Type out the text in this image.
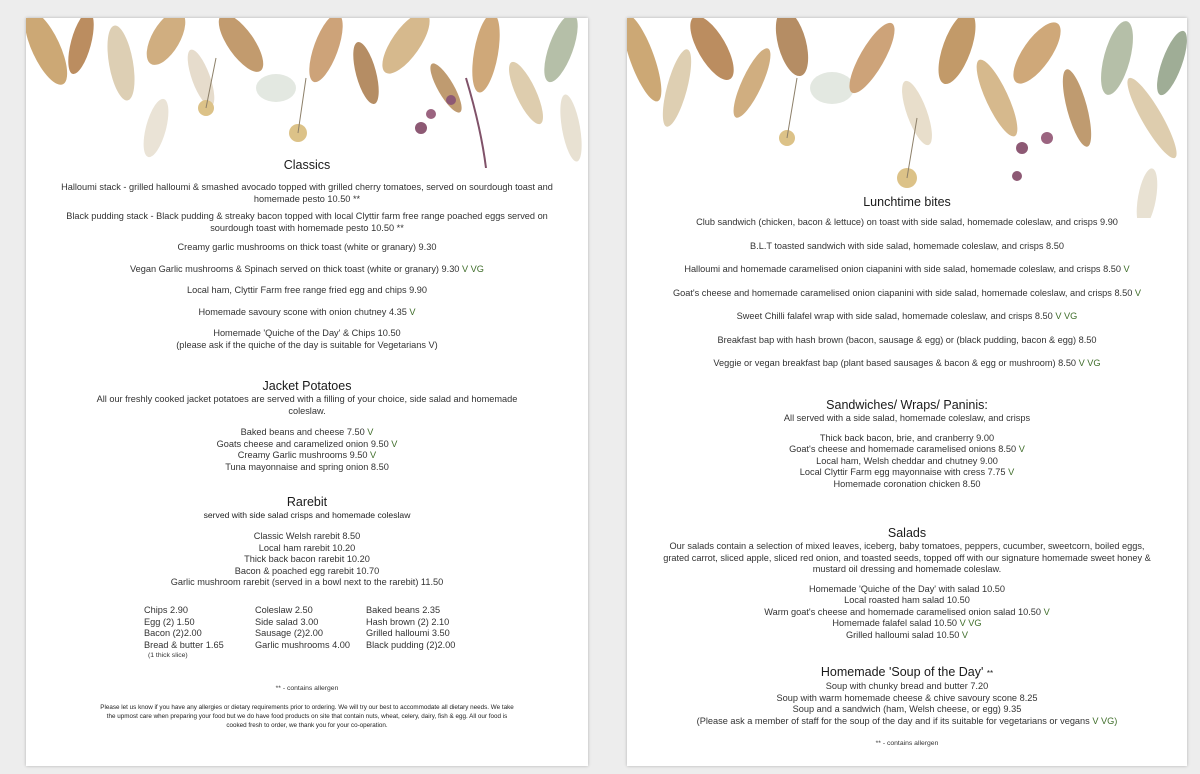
Classics
Halloumi stack - grilled halloumi & smashed avocado topped with grilled cherry tomatoes, served on sourdough toast and
homemade pesto 10.50 **
Black pudding stack - Black pudding & streaky bacon topped with local Clyttir farm free range poached eggs served on
sourdough toast with homemade pesto 10.50 **
Creamy garlic mushrooms on thick toast (white or granary) 9.30
Vegan Garlic mushrooms & Spinach served on thick toast (white or granary) 9.30 V VG
Local ham, Clyttir Farm free range fried egg and chips 9.90
Homemade savoury scone with onion chutney 4.35 V
Homemade 'Quiche of the Day' & Chips 10.50
(please ask if the quiche of the day is suitable for Vegetarians V)
Jacket Potatoes
All our freshly cooked jacket potatoes are served with a filling of your choice, side salad and homemade
coleslaw.
Baked beans and cheese 7.50 V
Goats cheese and caramelized onion 9.50 V
Creamy Garlic mushrooms 9.50 V
Tuna mayonnaise and spring onion 8.50
Rarebit
served with side salad crisps and homemade coleslaw
Classic Welsh rarebit 8.50
Local ham rarebit 10.20
Thick back bacon rarebit 10.20
Bacon & poached egg rarebit 10.70
Garlic mushroom rarebit (served in a bowl next to the rarebit) 11.50
Chips 2.90
Egg (2) 1.50
Bacon (2)2.00
Bread & butter 1.65
(1 thick slice)
Coleslaw 2.50
Side salad 3.00
Sausage (2)2.00
Garlic mushrooms 4.00
Baked beans 2.35
Hash brown (2) 2.10
Grilled halloumi 3.50
Black pudding (2)2.00
** - contains allergen
Please let us know if you have any allergies or dietary requirements prior to ordering. We will try our best to accommodate all dietary needs. We take
the upmost care when preparing your food but we do have food products on site that contain nuts, wheat, celery, dairy, fish & egg. All our food is
cooked fresh to order, we thank you for your co-operation.
Lunchtime bites
Club sandwich (chicken, bacon & lettuce) on toast with side salad, homemade coleslaw, and crisps 9.90
B.L.T toasted sandwich with side salad, homemade coleslaw, and crisps 8.50
Halloumi and homemade caramelised onion ciapanini with side salad, homemade coleslaw, and crisps 8.50 V
Goat's cheese and homemade caramelised onion ciapanini with side salad, homemade coleslaw, and crisps 8.50 V
Sweet Chilli falafel wrap with side salad, homemade coleslaw, and crisps 8.50 V VG
Breakfast bap with hash brown (bacon, sausage & egg) or (black pudding, bacon & egg) 8.50
Veggie or vegan breakfast bap (plant based sausages & bacon & egg or mushroom) 8.50 V VG
Sandwiches/ Wraps/ Paninis:
All served with a side salad, homemade coleslaw, and crisps
Thick back bacon, brie, and cranberry 9.00
Goat's cheese and homemade caramelised onions 8.50 V
Local ham, Welsh cheddar and chutney 9.00
Local Clyttir Farm egg mayonnaise with cress 7.75 V
Homemade coronation chicken 8.50
Salads
Our salads contain a selection of mixed leaves, iceberg, baby tomatoes, peppers, cucumber, sweetcorn, boiled eggs,
grated carrot, sliced apple, sliced red onion, and toasted seeds, topped off with our signature homemade sweet honey &
mustard oil dressing and homemade coleslaw.
Homemade 'Quiche of the Day' with salad 10.50
Local roasted ham salad 10.50
Warm goat's cheese and homemade caramelised onion salad 10.50 V
Homemade falafel salad 10.50 V VG
Grilled halloumi salad 10.50 V
Homemade 'Soup of the Day' **
Soup with chunky bread and butter 7.20
Soup with warm homemade cheese & chive savoury scone 8.25
Soup and a sandwich (ham, Welsh cheese, or egg) 9.35
(Please ask a member of staff for the soup of the day and if its suitable for vegetarians or vegans V VG)
** - contains allergen
